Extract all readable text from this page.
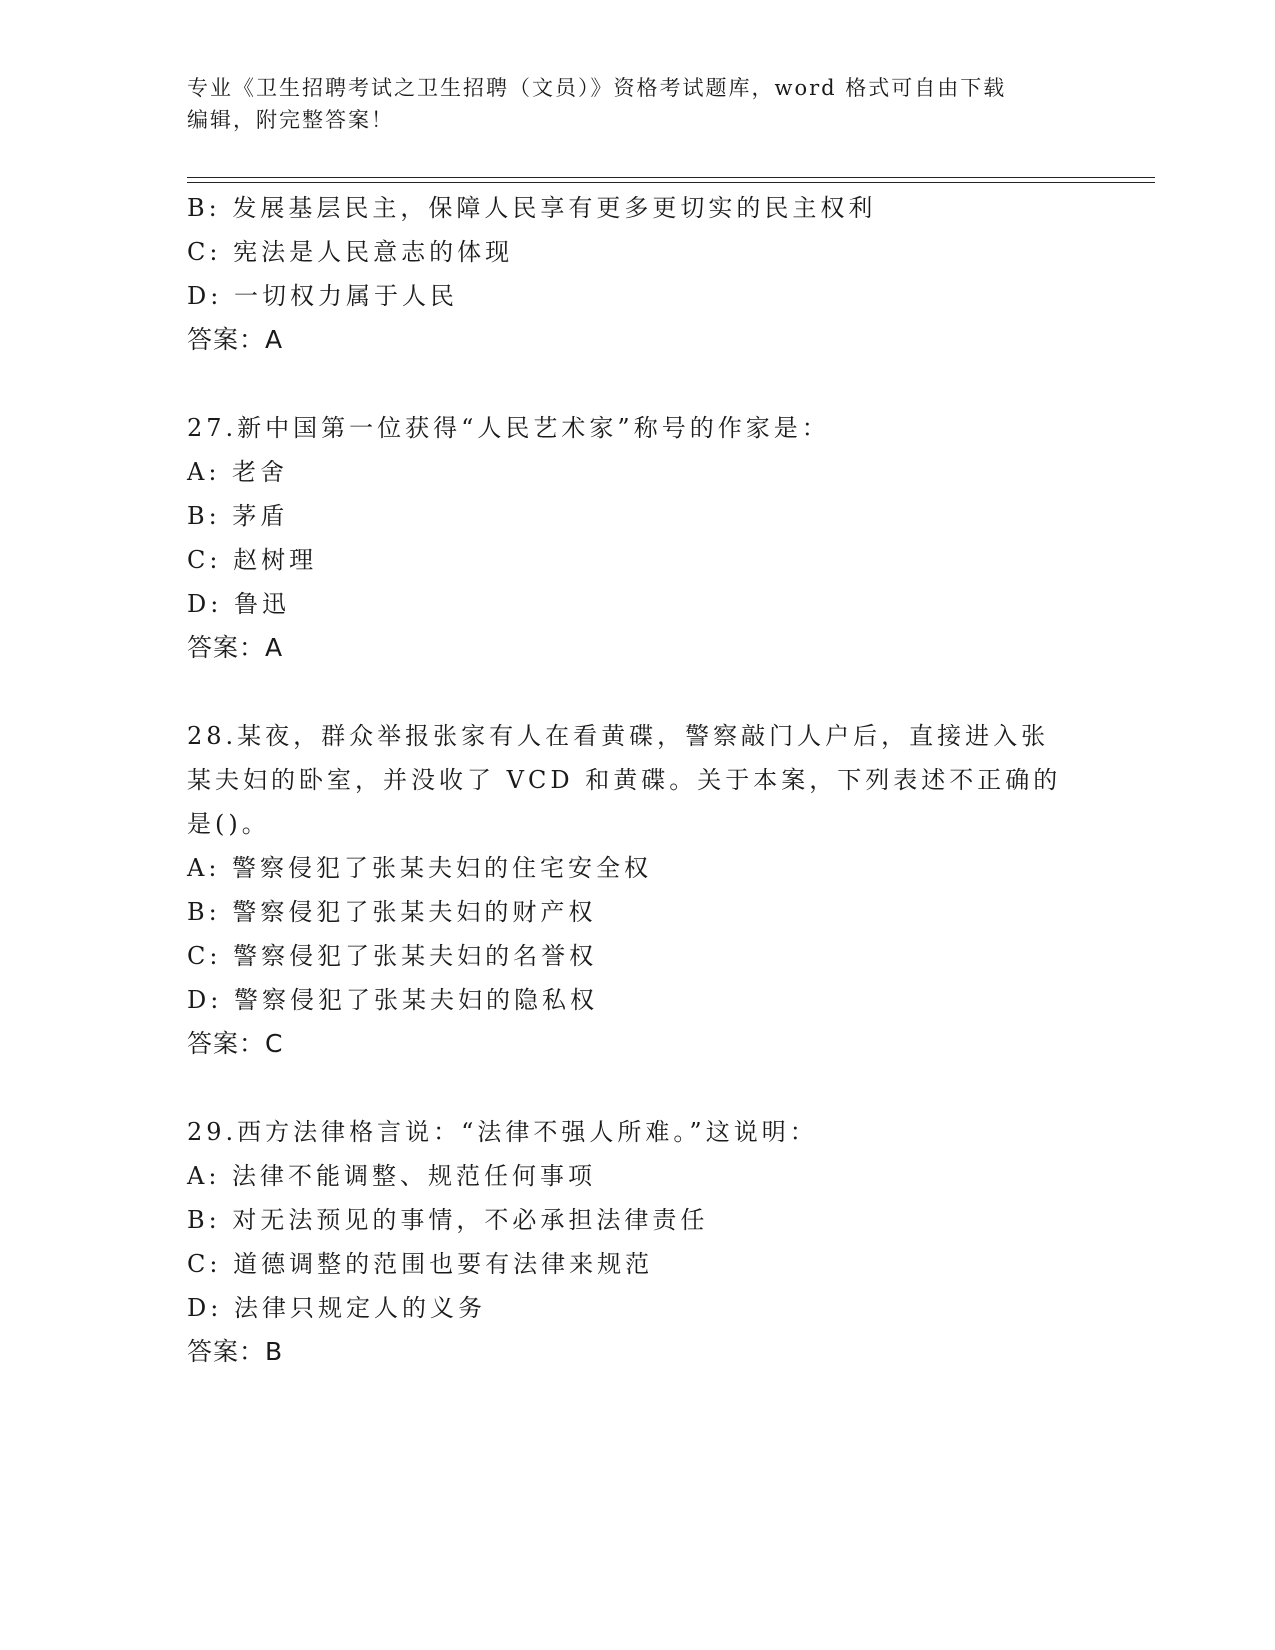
专业《卫生招聘考试之卫生招聘（文员）》资格考试题库，word 格式可自由下载
编辑，附完整答案！
B: 发展基层民主，保障人民享有更多更切实的民主权利
C: 宪法是人民意志的体现
D: 一切权力属于人民
答案：A
27.新中国第一位获得“人民艺术家”称号的作家是：
A: 老舍
B: 茅盾
C: 赵树理
D: 鲁迅
答案：A
28.某夜，群众举报张家有人在看黄碟，警察敲门人户后，直接进入张
某夫妇的卧室，并没收了 VCD 和黄碟。关于本案，下列表述不正确的
是()。
A: 警察侵犯了张某夫妇的住宅安全权
B: 警察侵犯了张某夫妇的财产权
C: 警察侵犯了张某夫妇的名誉权
D: 警察侵犯了张某夫妇的隐私权
答案：C
29.西方法律格言说：“法律不强人所难。”这说明：
A: 法律不能调整、规范任何事项
B: 对无法预见的事情，不必承担法律责任
C: 道德调整的范围也要有法律来规范
D: 法律只规定人的义务
答案：B
